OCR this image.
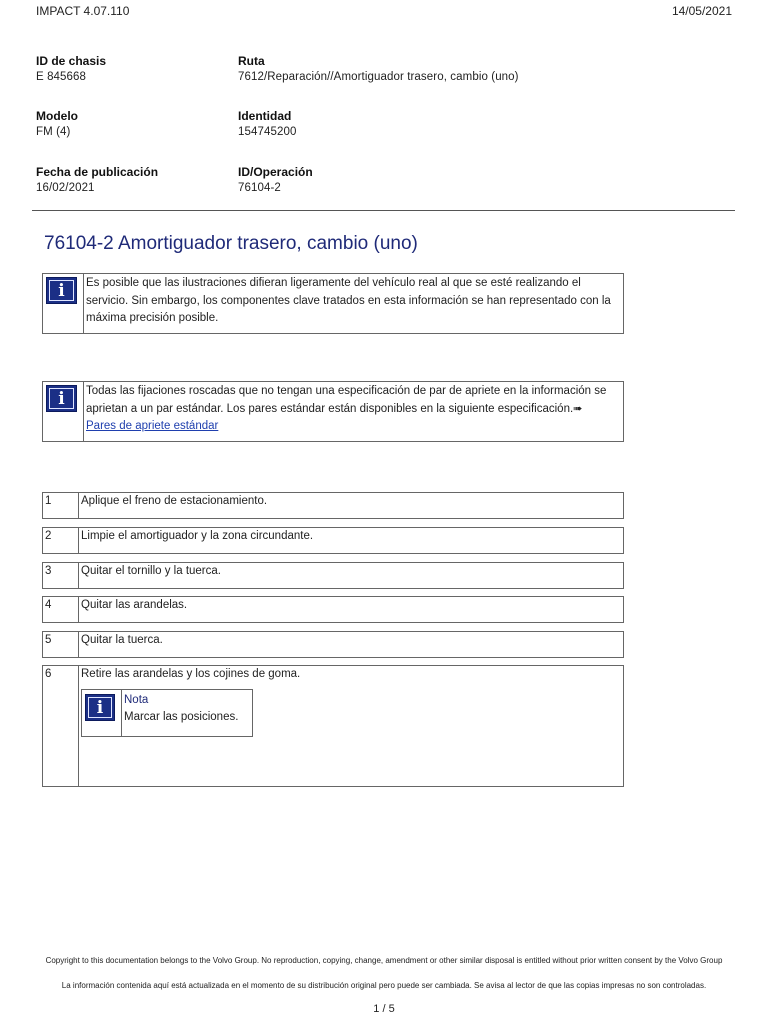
IMPACT 4.07.110	14/05/2021
ID de chasis
E 845668
Ruta
7612/Reparación//Amortiguador trasero, cambio (uno)
Modelo
FM (4)
Identidad
154745200
Fecha de publicación
16/02/2021
ID/Operación
76104-2
76104-2 Amortiguador trasero, cambio (uno)
i	Es posible que las ilustraciones difieran ligeramente del vehículo real al que se esté realizando el servicio. Sin embargo, los componentes clave tratados en esta información se han representado con la máxima precisión posible.
i	Todas las fijaciones roscadas que no tengan una especificación de par de apriete en la información se aprietan a un par estándar. Los pares estándar están disponibles en la siguiente especificación.➠ Pares de apriete estándar
1	Aplique el freno de estacionamiento.
2	Limpie el amortiguador y la zona circundante.
3	Quitar el tornillo y la tuerca.
4	Quitar las arandelas.
5	Quitar la tuerca.
6	Retire las arandelas y los cojines de goma.
i	Nota
Marcar las posiciones.
Copyright to this documentation belongs to the Volvo Group. No reproduction, copying, change, amendment or other similar disposal is entitled without prior written consent by the Volvo Group
La información contenida aquí está actualizada en el momento de su distribución original pero puede ser cambiada. Se avisa al lector de que las copias impresas no son controladas.
1 / 5
